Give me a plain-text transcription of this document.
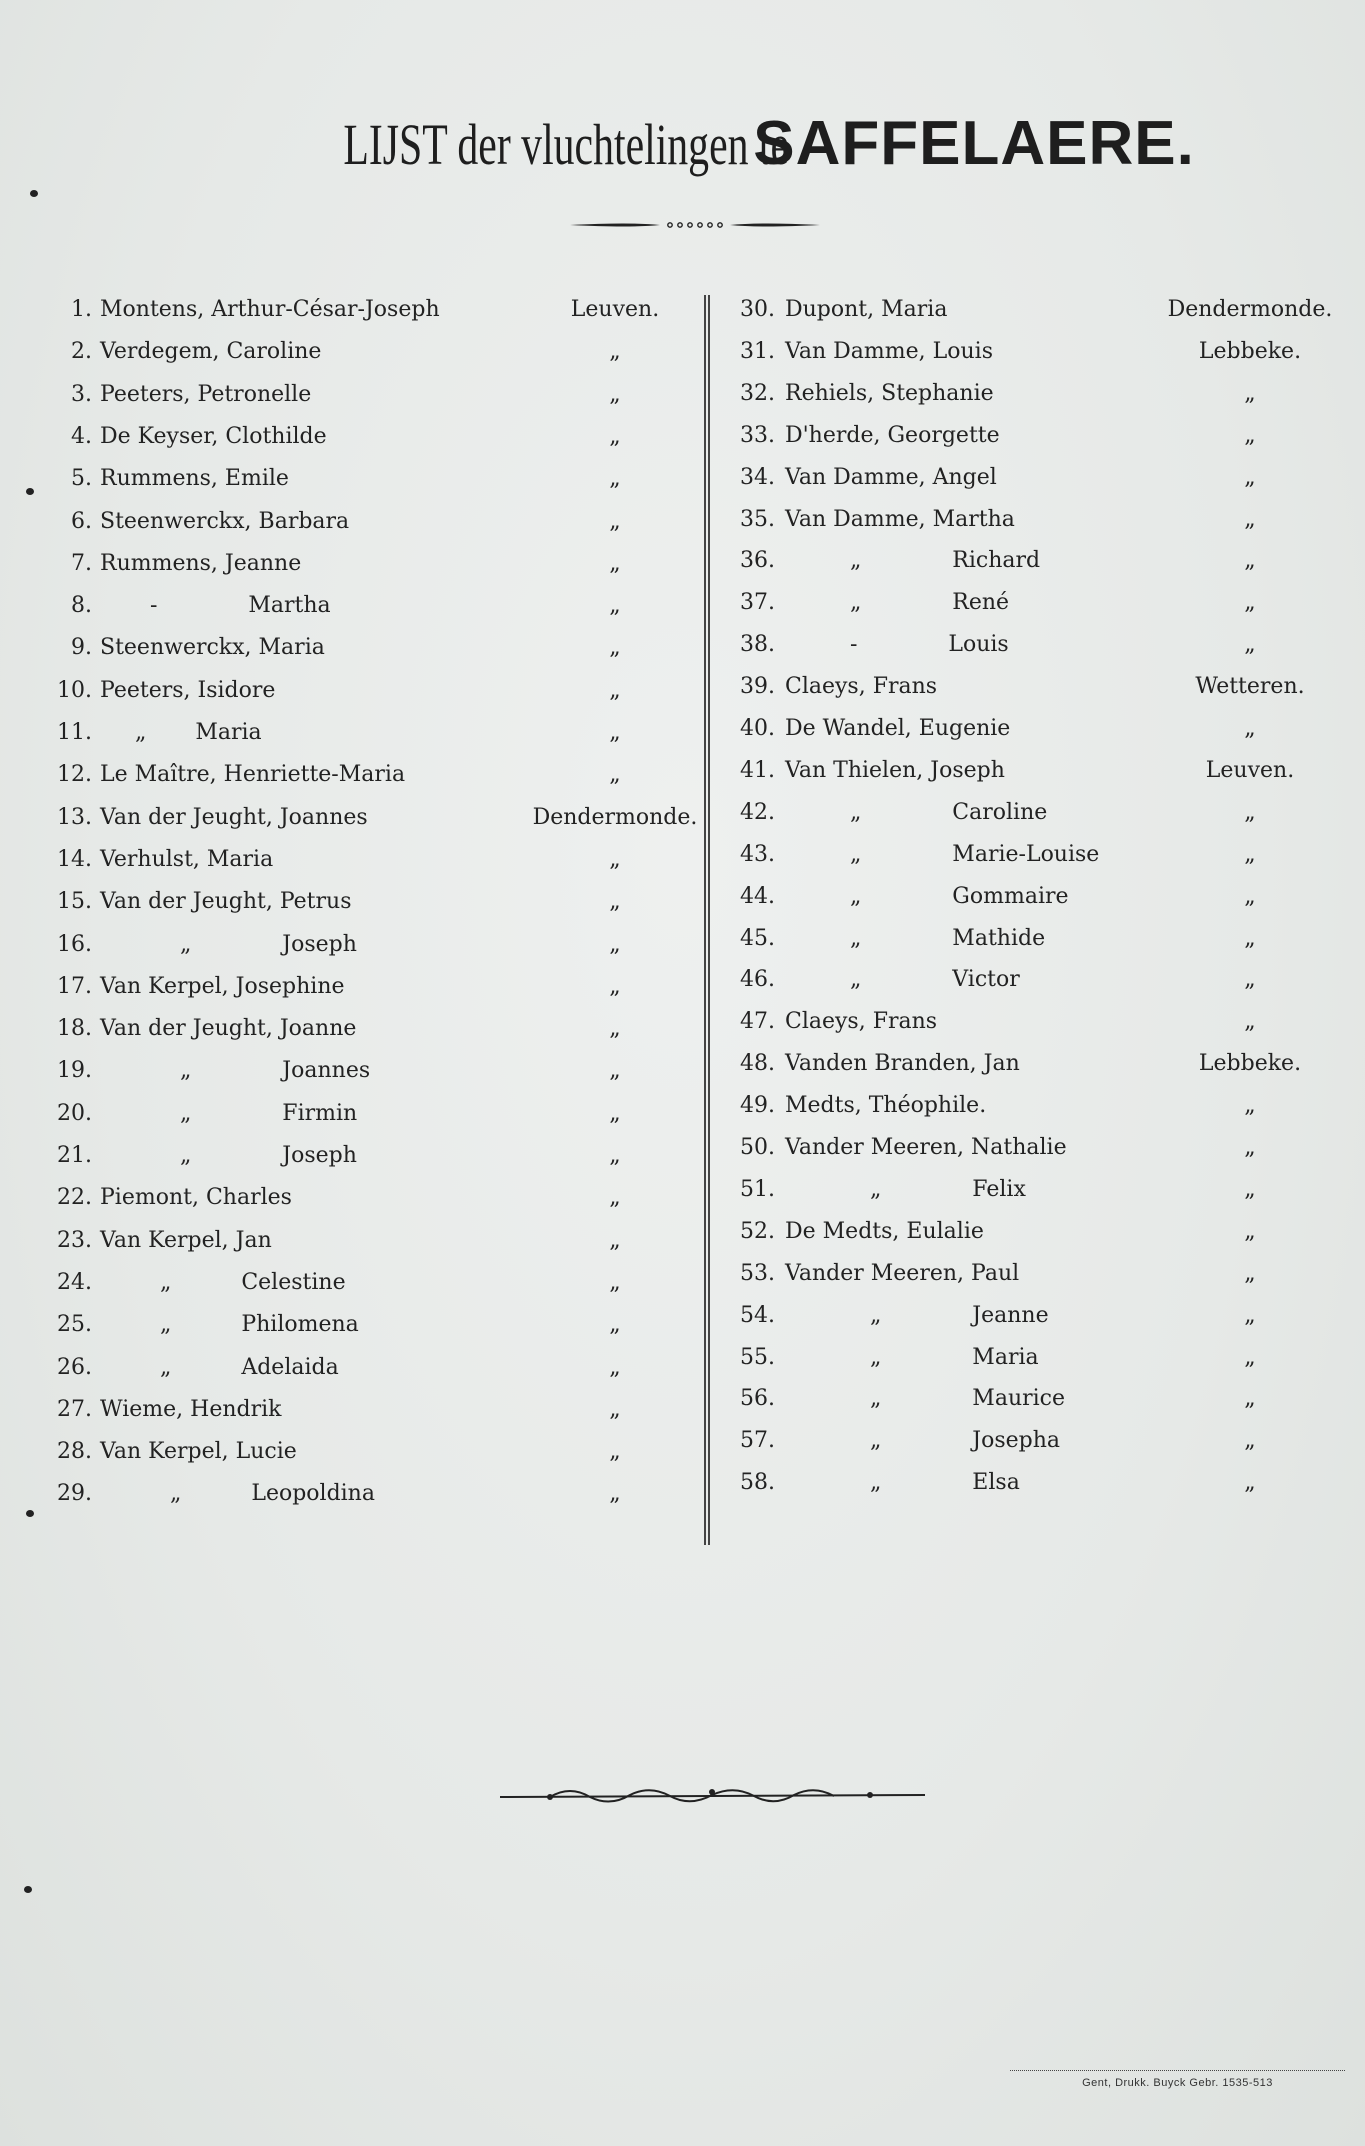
LIJST der vluchtelingen te SAFFELAERE.
1. Montens, Arthur-César-Joseph	Leuven.
2. Verdegem, Caroline	„
3. Peeters, Petronelle	„
4. De Keyser, Clothilde	„
5. Rummens, Emile	„
6. Steenwerckx, Barbara	„
7. Rummens, Jeanne	„
8.	-             Martha	„
9. Steenwerckx, Maria	„
10. Peeters, Isidore	„
11. „       Maria	„
12. Le Maître, Henriette-Maria	„
13. Van der Jeught, Joannes	Dendermonde.
14. Verhulst, Maria	„
15. Van der Jeught, Petrus	„
16.	„             Joseph	„
17. Van Kerpel, Josephine	„
18. Van der Jeught, Joanne	„
19.	„             Joannes	„
20.	„             Firmin	„
21.	„             Joseph	„
22. Piemont, Charles	„
23. Van Kerpel, Jan	„
24.	„          Celestine	„
25.	„          Philomena	„
26.	„          Adelaida	„
27. Wieme, Hendrik	„
28. Van Kerpel, Lucie	„
29.	„          Leopoldina	„
30. Dupont, Maria	Dendermonde.
31. Van Damme, Louis	Lebbeke.
32. Rehiels, Stephanie	„
33. D'herde, Georgette	„
34. Van Damme, Angel	„
35. Van Damme, Martha	„
36.	„             Richard	„
37.	„             René	„
38.	-             Louis	„
39. Claeys, Frans	Wetteren.
40. De Wandel, Eugenie	„
41. Van Thielen, Joseph	Leuven.
42.	„             Caroline	„
43.	„             Marie-Louise	„
44.	„             Gommaire	„
45.	„             Mathide	„
46.	„             Victor	„
47. Claeys, Frans	„
48. Vanden Branden, Jan	Lebbeke.
49. Medts, Théophile.	„
50. Vander Meeren, Nathalie	„
51.	„             Felix	„
52. De Medts, Eulalie	„
53. Vander Meeren, Paul	„
54.	„             Jeanne	„
55.	„             Maria	„
56.	„             Maurice	„
57.	„             Josepha	„
58.	„             Elsa	„
Gent, Drukk. Buyck Gebr. 1535-513
